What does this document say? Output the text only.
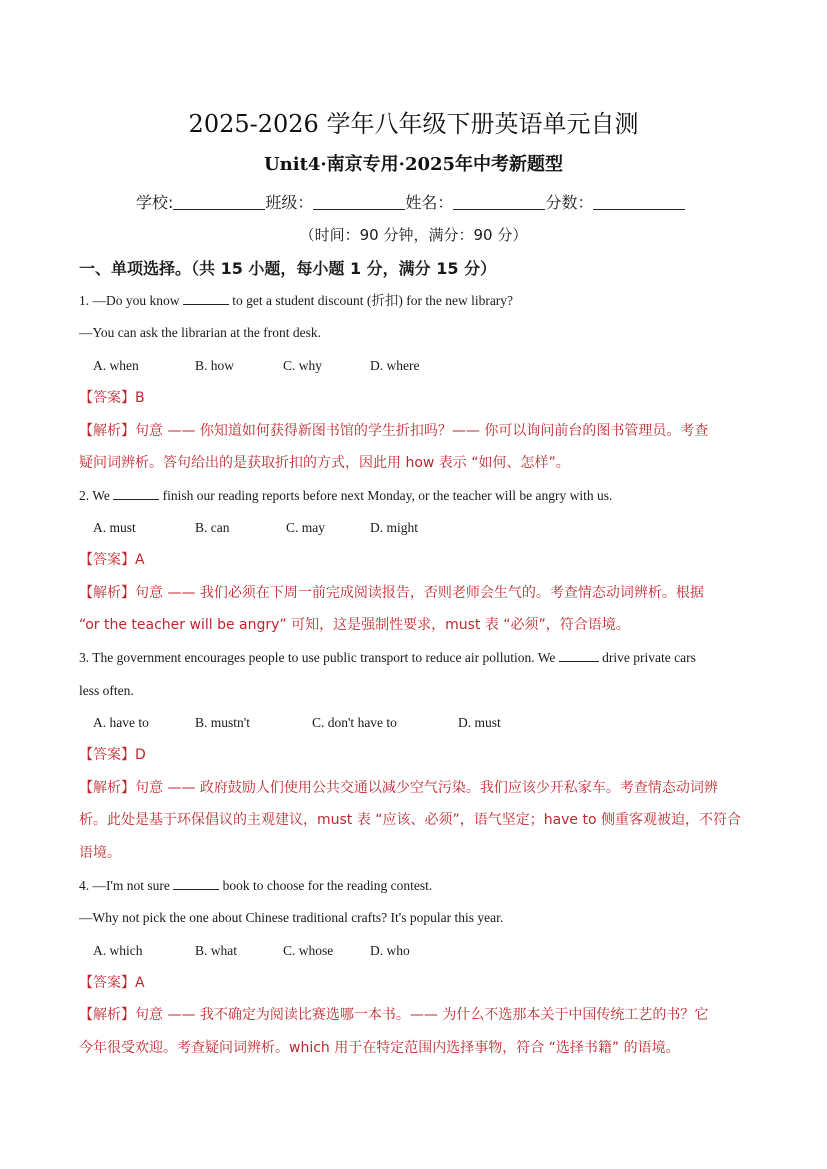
2025-2026 学年八年级下册英语单元自测
Unit4·南京专用·2025年中考新题型
学校:	班级：	姓名：	分数：
（时间：90 分钟，满分：90 分）
一、单项选择。（共 15 小题，每小题 1 分，满分 15 分）
1. —Do you know	to get a student discount (折扣) for the new library?
—You can ask the librarian at the front desk.
A. when	B. how	C. why	D. where
【答案】B
【解析】句意 —— 你知道如何获得新图书馆的学生折扣吗？—— 你可以询问前台的图书管理员。考查
疑问词辨析。答句给出的是获取折扣的方式，因此用 how 表示 “如何、怎样”。
2. We	finish our reading reports before next Monday, or the teacher will be angry with us.
A. must	B. can	C. may	D. might
【答案】A
【解析】句意 —— 我们必须在下周一前完成阅读报告，否则老师会生气的。考查情态动词辨析。根据
“or the teacher will be angry” 可知，这是强制性要求，must 表 “必须”，符合语境。
3. The government encourages people to use public transport to reduce air pollution. We	drive private cars
less often.
A. have to	B. mustn't	C. don't have to	D. must
【答案】D
【解析】句意 —— 政府鼓励人们使用公共交通以减少空气污染。我们应该少开私家车。考查情态动词辨
析。此处是基于环保倡议的主观建议，must 表 “应该、必须”，语气坚定；have to 侧重客观被迫，不符合
语境。
4. —I'm not sure	book to choose for the reading contest.
—Why not pick the one about Chinese traditional crafts? It's popular this year.
A. which	B. what	C. whose	D. who
【答案】A
【解析】句意 —— 我不确定为阅读比赛选哪一本书。—— 为什么不选那本关于中国传统工艺的书？它
今年很受欢迎。考查疑问词辨析。which 用于在特定范围内选择事物，符合 “选择书籍” 的语境。
